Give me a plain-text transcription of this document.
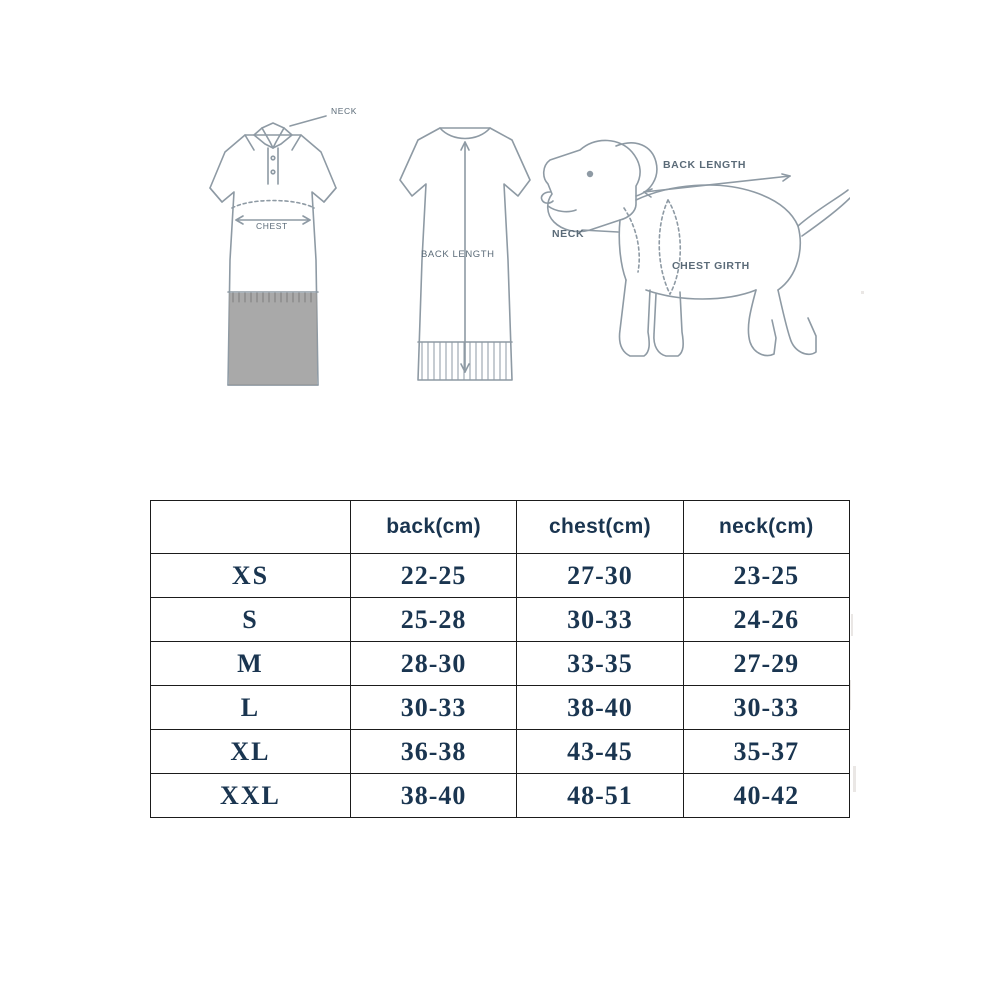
NECK
CHEST
BACK LENGTH
BACK LENGTH
NECK
CHEST GIRTH
	back(cm)	chest(cm)	neck(cm)
XS	22-25	27-30	23-25
S	25-28	30-33	24-26
M	28-30	33-35	27-29
L	30-33	38-40	30-33
XL	36-38	43-45	35-37
XXL	38-40	48-51	40-42
